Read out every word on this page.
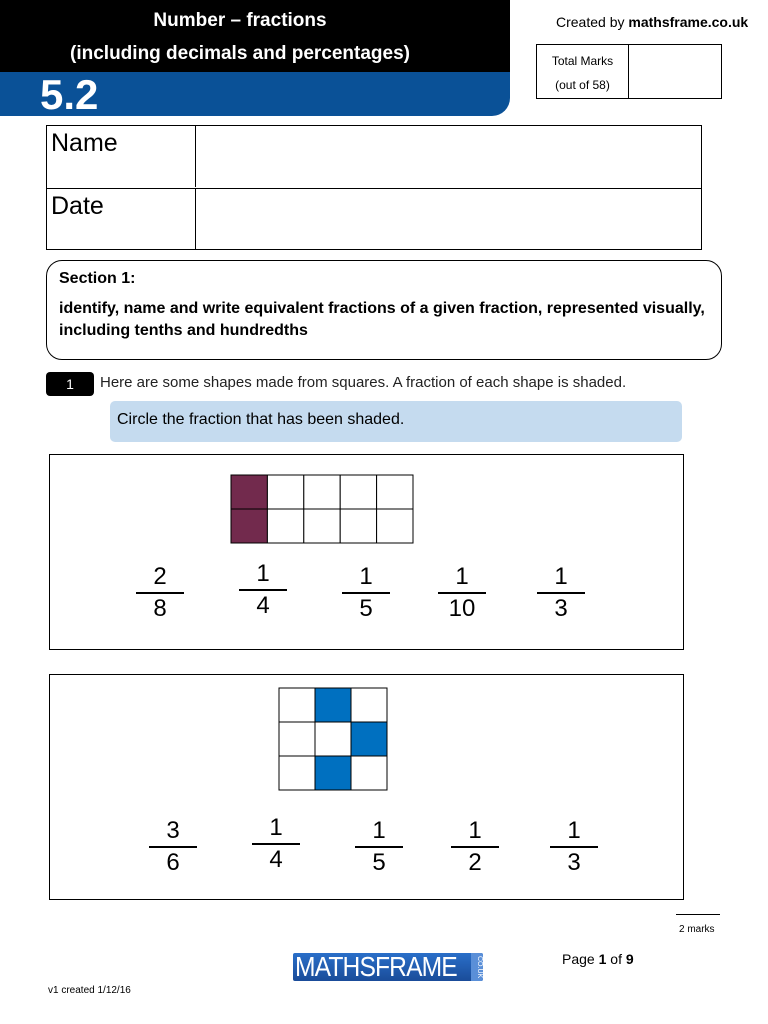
Number – fractions
(including decimals and percentages)
5.2
Created by mathsframe.co.uk
Total Marks
(out of 58)
Name
Date
Section 1:
identify, name and write equivalent fractions of a given fraction, represented visually, including tenths and hundredths
1	Here are some shapes made from squares. A fraction of each shape is shaded.
Circle the fraction that has been shaded.
2
8
1
4
1
5
1
10
1
3
3
6
1
4
1
5
1
2
1
3
2 marks
MATHSFRAME	CO.UK	Page 1 of 9
v1 created 1/12/16
